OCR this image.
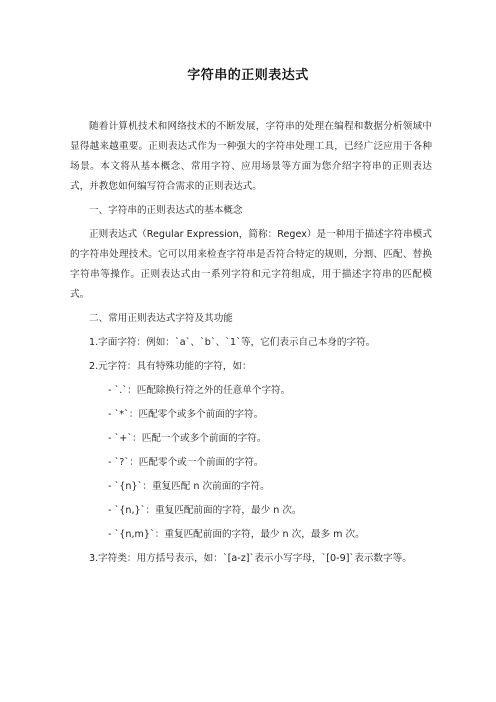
字符串的正则表达式

随着计算机技术和网络技术的不断发展，字符串的处理在编程和数据分析领域中显得越来越重要。正则表达式作为一种强大的字符串处理工具，已经广泛应用于各种场景。本文将从基本概念、常用字符、应用场景等方面为您介绍字符串的正则表达式，并教您如何编写符合需求的正则表达式。

一、字符串的正则表达式的基本概念

正则表达式（Regular Expression，简称：Regex）是一种用于描述字符串模式的字符串处理技术。它可以用来检查字符串是否符合特定的规则，分割、匹配、替换字符串等操作。正则表达式由一系列字符和元字符组成，用于描述字符串的匹配模式。

二、常用正则表达式字符及其功能

1.字面字符：例如：`a`、`b`、`1`等，它们表示自己本身的字符。

2.元字符：具有特殊功能的字符，如：

- `.`：匹配除换行符之外的任意单个字符。

- `*`：匹配零个或多个前面的字符。

- `+`：匹配一个或多个前面的字符。

- `?`：匹配零个或一个前面的字符。

- `{n}`：重复匹配 n 次前面的字符。

- `{n,}`：重复匹配前面的字符，最少 n 次。

- `{n,m}`：重复匹配前面的字符，最少 n 次，最多 m 次。

3.字符类：用方括号表示，如：`[a-z]`表示小写字母，`[0-9]`表示数字等。
